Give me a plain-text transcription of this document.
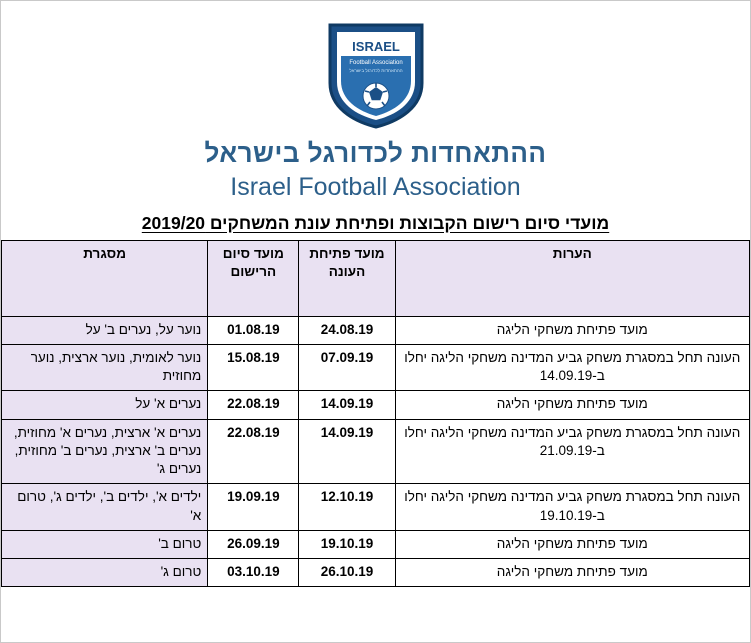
ISRAEL
Football Association
ההתאחדות לכדורגל בישראל
ההתאחדות לכדורגל בישראל
Israel Football Association
מועדי סיום רישום הקבוצות ופתיחת עונת המשחקים 2019/20
הערות	מועד פתיחת העונה	מועד סיום הרישום	מסגרת
מועד פתיחת משחקי הליגה	24.08.19	01.08.19	נוער על, נערים ב' על
העונה תחל במסגרת משחק גביע המדינה משחקי הליגה יחלו ב-14.09.19	07.09.19	15.08.19	נוער לאומית, נוער ארצית, נוער מחוזית
מועד פתיחת משחקי הליגה	14.09.19	22.08.19	נערים א' על
העונה תחל במסגרת משחק גביע המדינה משחקי הליגה יחלו ב-21.09.19	14.09.19	22.08.19	נערים א' ארצית, נערים א' מחוזית, נערים ב' ארצית, נערים ב' מחוזית, נערים ג'
העונה תחל במסגרת משחק גביע המדינה משחקי הליגה יחלו ב-19.10.19	12.10.19	19.09.19	ילדים א', ילדים ב', ילדים ג', טרום א'
מועד פתיחת משחקי הליגה	19.10.19	26.09.19	טרום ב'
מועד פתיחת משחקי הליגה	26.10.19	03.10.19	טרום ג'
